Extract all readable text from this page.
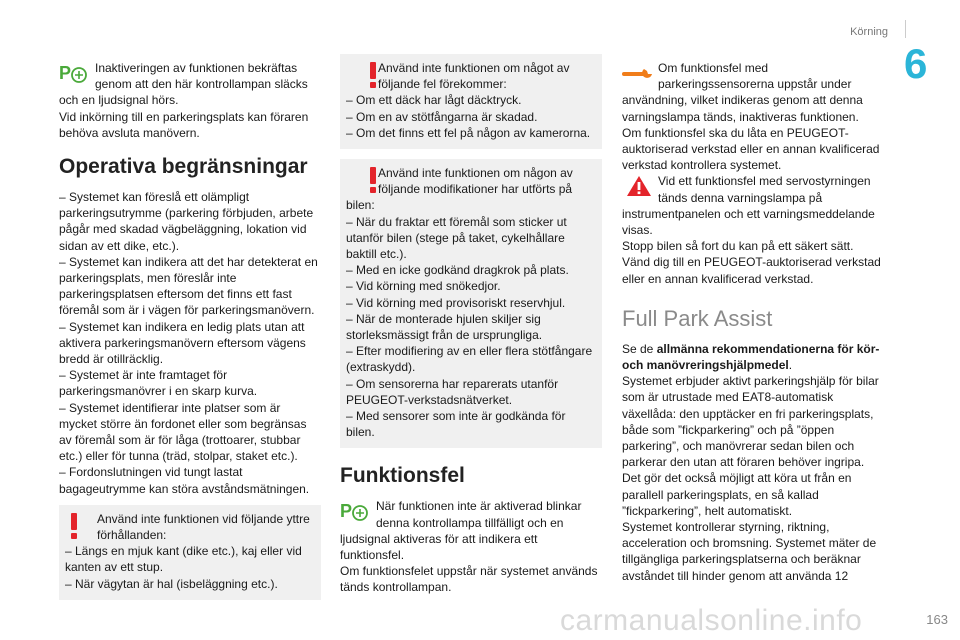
Körning
6
P	Inaktiveringen av funktionen bekräftas genom att den här kontrollampan släcks
och en ljudsignal hörs.
Vid inkörning till en parkeringsplats kan föraren behöva avsluta manövern.
Operativa begränsningar
– Systemet kan föreslå ett olämpligt parkeringsutrymme (parkering förbjuden, arbete pågår med skadad vägbeläggning, lokation vid sidan av ett dike, etc.).
– Systemet kan indikera att det har detekterat en parkeringsplats, men föreslår inte parkeringsplatsen eftersom det finns ett fast föremål som är i vägen för parkeringsmanövern.
– Systemet kan indikera en ledig plats utan att aktivera parkeringsmanövern eftersom vägens bredd är otillräcklig.
– Systemet är inte framtaget för parkeringsmanövrer i en skarp kurva.
– Systemet identifierar inte platser som är mycket större än fordonet eller som begränsas av föremål som är för låga (trottoarer, stubbar etc.) eller för tunna (träd, stolpar, staket etc.).
– Fordonslutningen vid tungt lastat bagageutrymme kan störa avståndsmätningen.
Använd inte funktionen vid följande yttre förhållanden:
– Längs en mjuk kant (dike etc.), kaj eller vid kanten av ett stup.
– När vägytan är hal (isbeläggning etc.).
Använd inte funktionen om något av följande fel förekommer:
– Om ett däck har lågt däcktryck.
– Om en av stötfångarna är skadad.
– Om det finns ett fel på någon av kamerorna.
Använd inte funktionen om någon av följande modifikationer har utförts på
bilen:
– När du fraktar ett föremål som sticker ut utanför bilen (stege på taket, cykelhållare baktill etc.).
– Med en icke godkänd dragkrok på plats.
– Vid körning med snökedjor.
– Vid körning med provisoriskt reservhjul.
– När de monterade hjulen skiljer sig storleksmässigt från de ursprungliga.
– Efter modifiering av en eller flera stötfångare (extraskydd).
– Om sensorerna har reparerats utanför PEUGEOT-verkstadsnätverket.
– Med sensorer som inte är godkända för bilen.
Funktionsfel
P	När funktionen inte är aktiverad blinkar denna kontrollampa tillfälligt och en
ljudsignal aktiveras för att indikera ett funktionsfel.
Om funktionsfelet uppstår när systemet används tänds kontrollampan.
Om funktionsfel med parkeringssensorerna uppstår under
användning, vilket indikeras genom att denna varningslampa tänds, inaktiveras funktionen.
Om funktionsfel ska du låta en PEUGEOT-auktoriserad verkstad eller en annan kvalificerad verkstad kontrollera systemet.
Vid ett funktionsfel med servostyrningen tänds denna varningslampa på
instrumentpanelen och ett varningsmeddelande visas.
Stopp bilen så fort du kan på ett säkert sätt.
Vänd dig till en PEUGEOT-auktoriserad verkstad eller en annan kvalificerad verkstad.
Full Park Assist
Se de allmänna rekommendationerna för kör-och manövreringshjälpmedel.
Systemet erbjuder aktivt parkeringshjälp för bilar som är utrustade med EAT8-automatisk växellåda: den upptäcker en fri parkeringsplats, både som ”fickparkering” och på ”öppen parkering”, och manövrerar sedan bilen och parkerar den utan att föraren behöver ingripa. Det gör det också möjligt att köra ut från en parallell parkeringsplats, en så kallad ”fickparkering”, helt automatiskt.
Systemet kontrollerar styrning, riktning, acceleration och bromsning. Systemet mäter de tillgängliga parkeringsplatserna och beräknar avståndet till hinder genom att använda 12
carmanualsonline.info	163
